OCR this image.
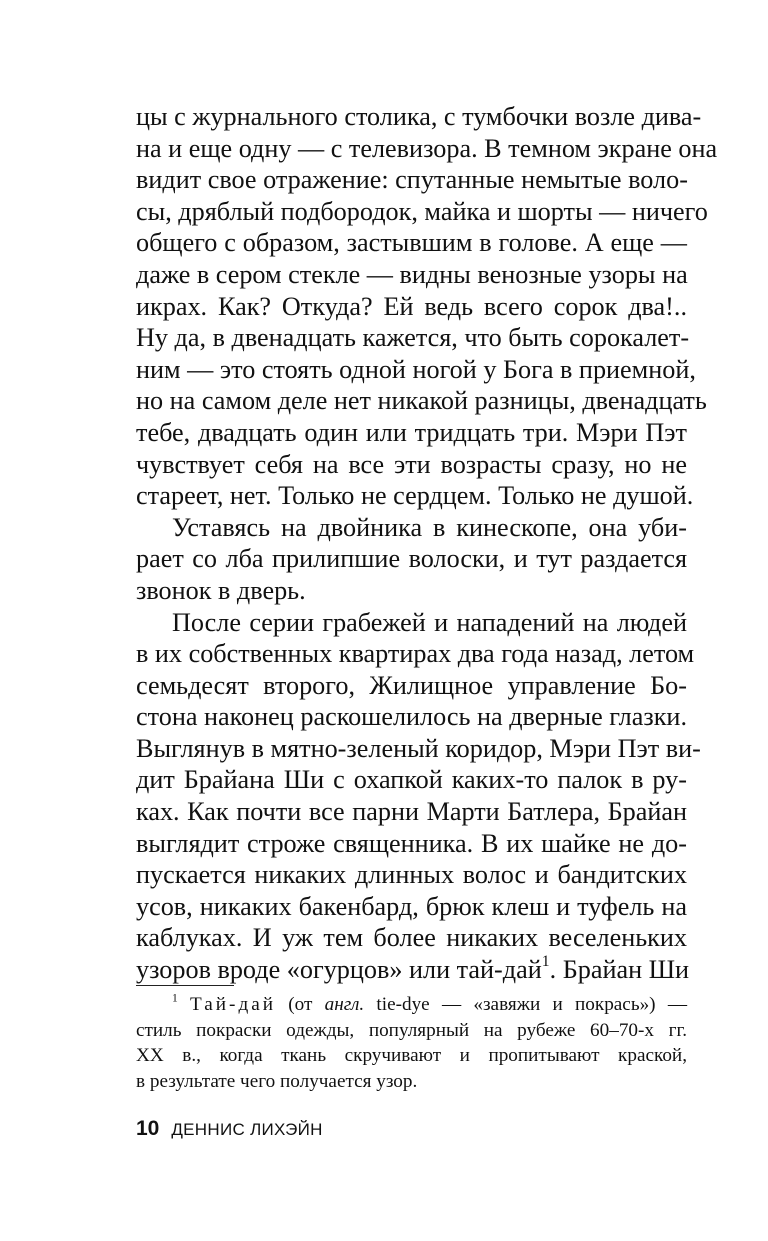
цы с журнального столика, с тумбочки возле дива-
на и еще одну — с телевизора. В темном экране она
видит свое отражение: спутанные немытые воло-
сы, дряблый подбородок, майка и шорты — ничего
общего с образом, застывшим в голове. А еще —
даже в сером стекле — видны венозные узоры на
икрах. Как? Откуда? Ей ведь всего сорок два!..
Ну да, в двенадцать кажется, что быть сорокалет-
ним — это стоять одной ногой у Бога в приемной,
но на самом деле нет никакой разницы, двенадцать
тебе, двадцать один или тридцать три. Мэри Пэт
чувствует себя на все эти возрасты сразу, но не
стареет, нет. Только не сердцем. Только не душой.
Уставясь на двойника в кинескопе, она уби-
рает со лба прилипшие волоски, и тут раздается
звонок в дверь.
После серии грабежей и нападений на людей
в их собственных квартирах два года назад, летом
семьдесят второго, Жилищное управление Бо-
стона наконец раскошелилось на дверные глазки.
Выглянув в мятно-зеленый коридор, Мэри Пэт ви-
дит Брайана Ши с охапкой каких-то палок в ру-
ках. Как почти все парни Марти Батлера, Брайан
выглядит строже священника. В их шайке не до-
пускается никаких длинных волос и бандитских
усов, никаких бакенбард, брюк клеш и туфель на
каблуках. И уж тем более никаких веселеньких
узоров вроде «огурцов» или тай-дай$^1$. Брайан Ши
$^1$ Тай-дай (от англ. tie-dye — «завяжи и покрась») —
стиль покраски одежды, популярный на рубеже 60–70-х гг.
XX в., когда ткань скручивают и пропитывают краской,
в результате чего получается узор.
10 ДЕННИС ЛИХЭЙН
